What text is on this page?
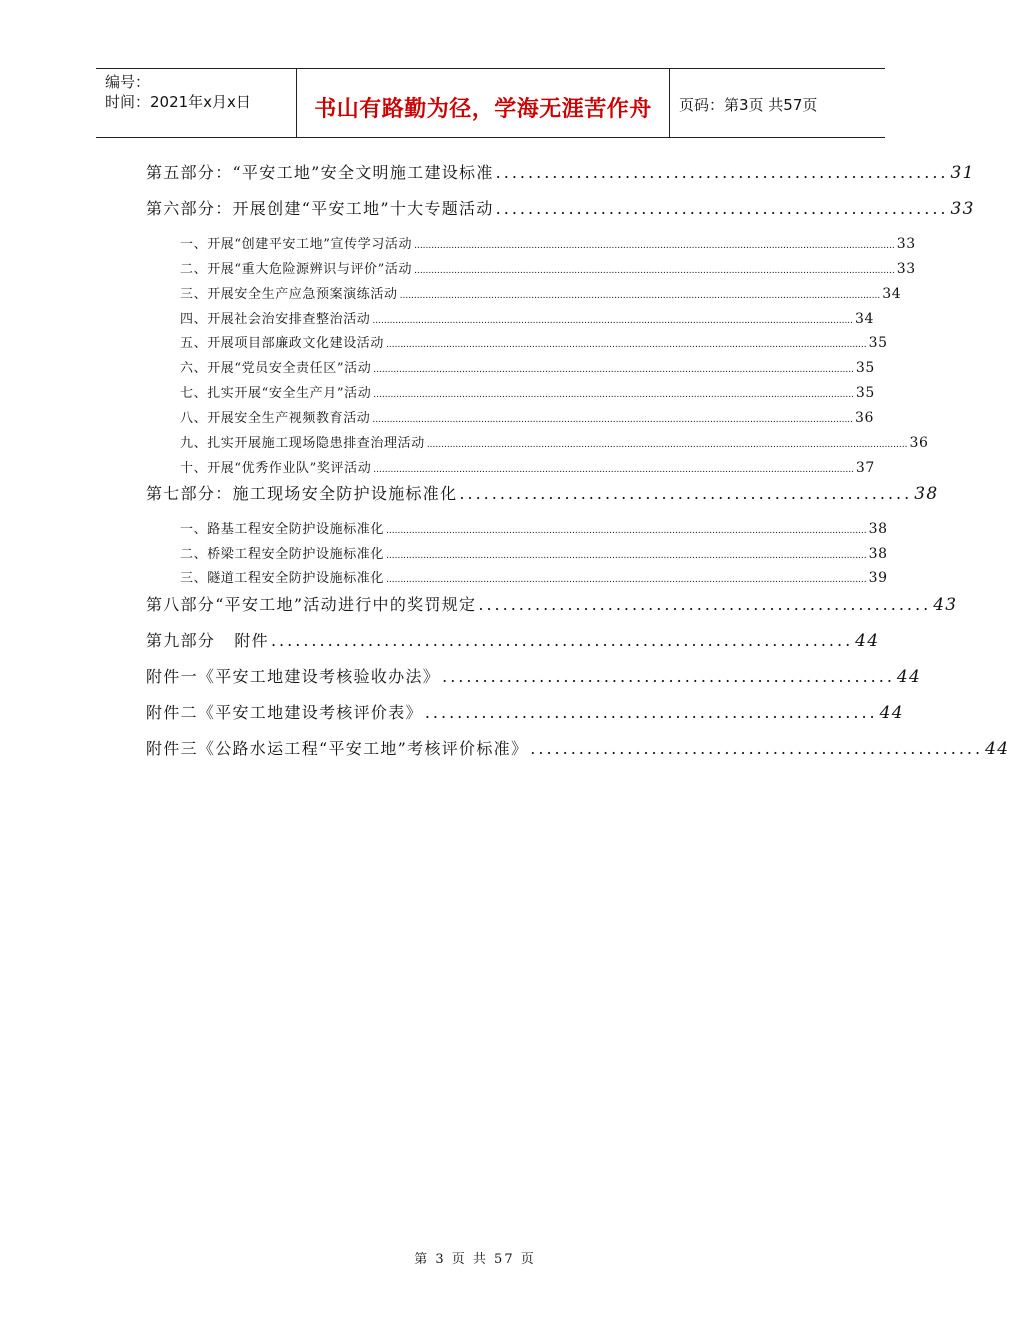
编号：
时间：2021年x月x日	书山有路勤为径，学海无涯苦作舟	页码：第3页 共57页
第五部分：“平安工地”安全文明施工建设标准 ........................................................ 31
第六部分：开展创建“平安工地”十大专题活动 ........................................................ 33
一、开展“创建平安工地”宣传学习活动 ........................................................................................................................................................................ 33
二、开展“重大危险源辨识与评价”活动 ........................................................................................................................................................................ 33
三、开展安全生产应急预案演练活动 ........................................................................................................................................................................ 34
四、开展社会治安排查整治活动 ........................................................................................................................................................................ 34
五、开展项目部廉政文化建设活动 ........................................................................................................................................................................ 35
六、开展“党员安全责任区”活动 ........................................................................................................................................................................ 35
七、扎实开展“安全生产月”活动 ........................................................................................................................................................................ 35
八、开展安全生产视频教育活动 ........................................................................................................................................................................ 36
九、扎实开展施工现场隐患排查治理活动 ........................................................................................................................................................................ 36
十、开展“优秀作业队”奖评活动 ........................................................................................................................................................................ 37
第七部分：施工现场安全防护设施标准化 ........................................................ 38
一、路基工程安全防护设施标准化 ........................................................................................................................................................................ 38
二、桥梁工程安全防护设施标准化 ........................................................................................................................................................................ 38
三、隧道工程安全防护设施标准化 ........................................................................................................................................................................ 39
第八部分“平安工地”活动进行中的奖罚规定 ........................................................ 43
第九部分   附件 ........................................................................ 44
附件一《平安工地建设考核验收办法》 ........................................................ 44
附件二《平安工地建设考核评价表》 ........................................................ 44
附件三《公路水运工程“平安工地”考核评价标准》 ........................................................ 44
第 3 页 共 57 页
